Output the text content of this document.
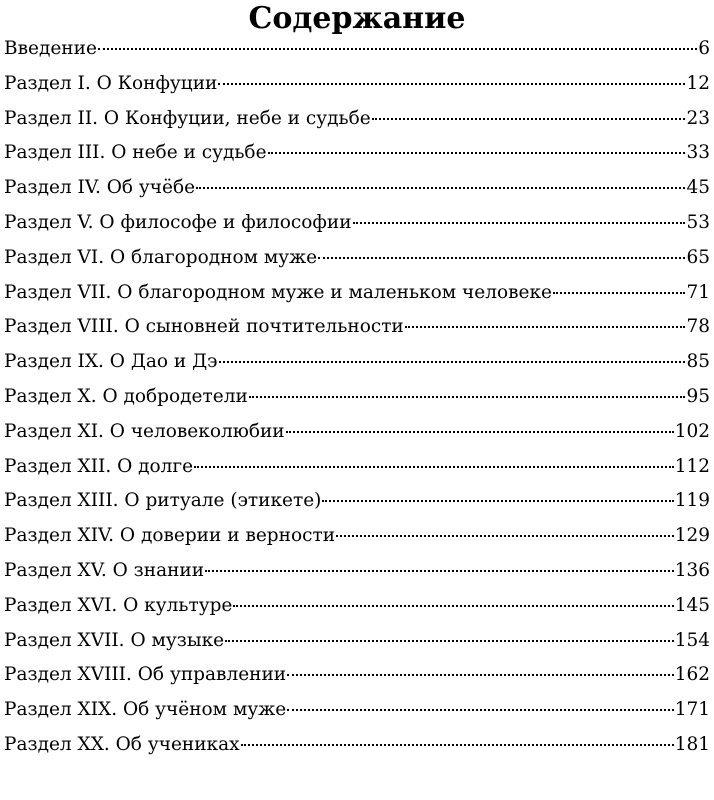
Содержание
Введение	6
Раздел I. О Конфуции	12
Раздел II. О Конфуции, небе и судьбе	23
Раздел III. О небе и судьбе	33
Раздел IV. Об учёбе	45
Раздел V. О философе и философии	53
Раздел VI. О благородном муже	65
Раздел VII. О благородном муже и маленьком человеке	71
Раздел VIII. О сыновней почтительности	78
Раздел IX. О Дао и Дэ	85
Раздел X. О добродетели	95
Раздел XI. О человеколюбии	102
Раздел XII. О долге	112
Раздел XIII. О ритуале (этикете)	119
Раздел XIV. О доверии и верности	129
Раздел XV. О знании	136
Раздел XVI. О культуре	145
Раздел XVII. О музыке	154
Раздел XVIII. Об управлении	162
Раздел XIX. Об учёном муже	171
Раздел XX. Об учениках	181
